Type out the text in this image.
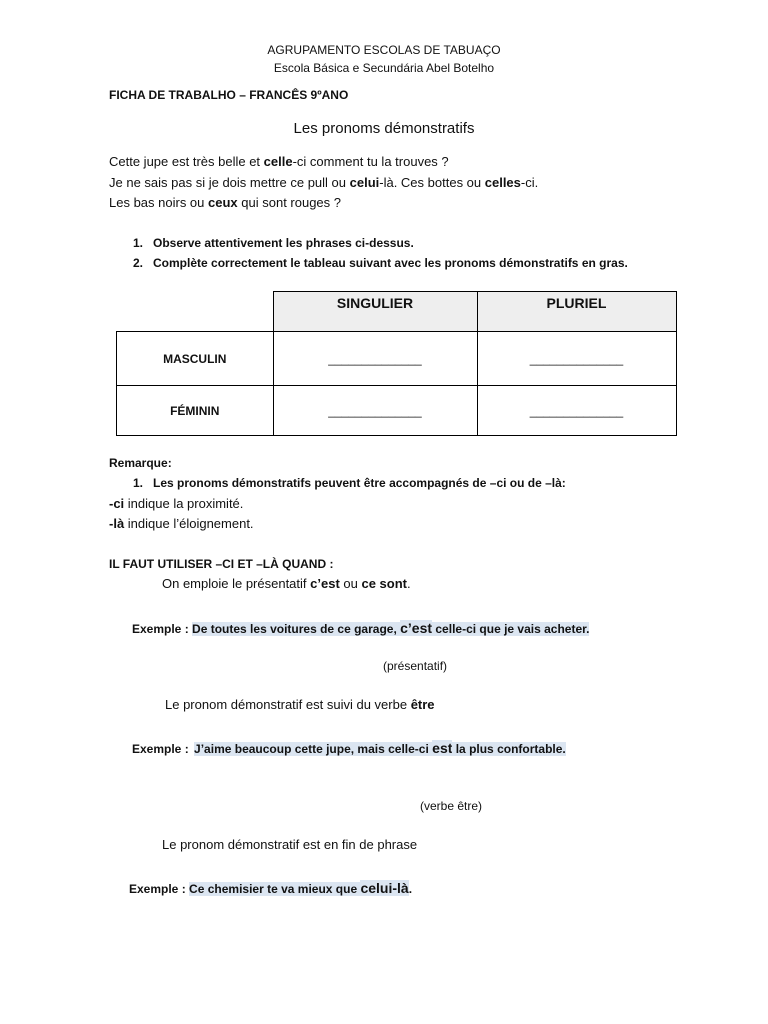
AGRUPAMENTO ESCOLAS DE TABUAÇO
Escola Básica e Secundária Abel Botelho
FICHA DE TRABALHO – FRANCÊS 9ºANO
Les pronoms démonstratifs
Cette jupe est très belle et celle-ci comment tu la trouves ?
Je ne sais pas si je dois mettre ce pull ou celui-là. Ces bottes ou celles-ci.
Les bas noirs ou ceux qui sont rouges ?
1. Observe attentivement les phrases ci-dessus.
2. Complète correctement le tableau suivant avec les pronoms démonstratifs en gras.
	SINGULIER	PLURIEL
MASCULIN	______________	______________
FÉMININ	______________	______________
Remarque:
1. Les pronoms démonstratifs peuvent être accompagnés de –ci ou de –là:
-ci indique la proximité.
-là indique l’éloignement.
IL FAUT UTILISER –CI ET –LÀ QUAND :
On emploie le présentatif c’est ou ce sont.
Exemple : De toutes les voitures de ce garage, c’est celle-ci que je vais acheter.
(présentatif)
Le pronom démonstratif est suivi du verbe être
Exemple : J’aime beaucoup cette jupe, mais celle-ci est la plus confortable.
(verbe être)
Le pronom démonstratif est en fin de phrase
Exemple : Ce chemisier te va mieux que celui-là.
